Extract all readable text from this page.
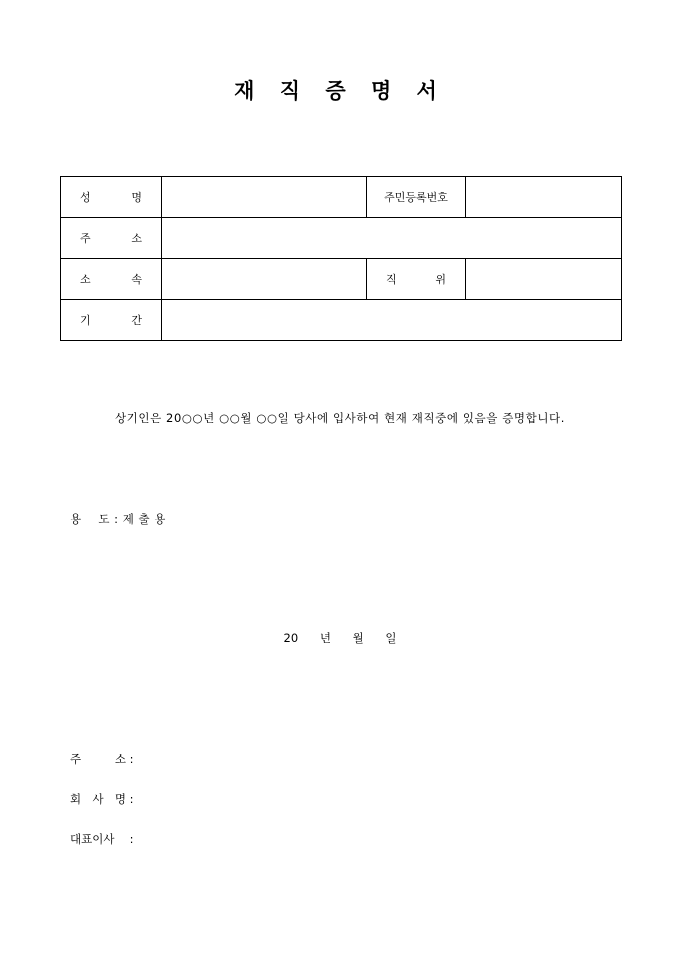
재 직 증 명 서
성 명		주민등록번호	
주 소			
소 속		직 위	
기 간			
상기인은 20○○년 ○○월 ○○일 당사에 입사하여 현재 재직중에 있음을 증명합니다.
용 도 : 제 출 용
20 년 월 일
주 소 :
회 사 명 :
대표이사 :
